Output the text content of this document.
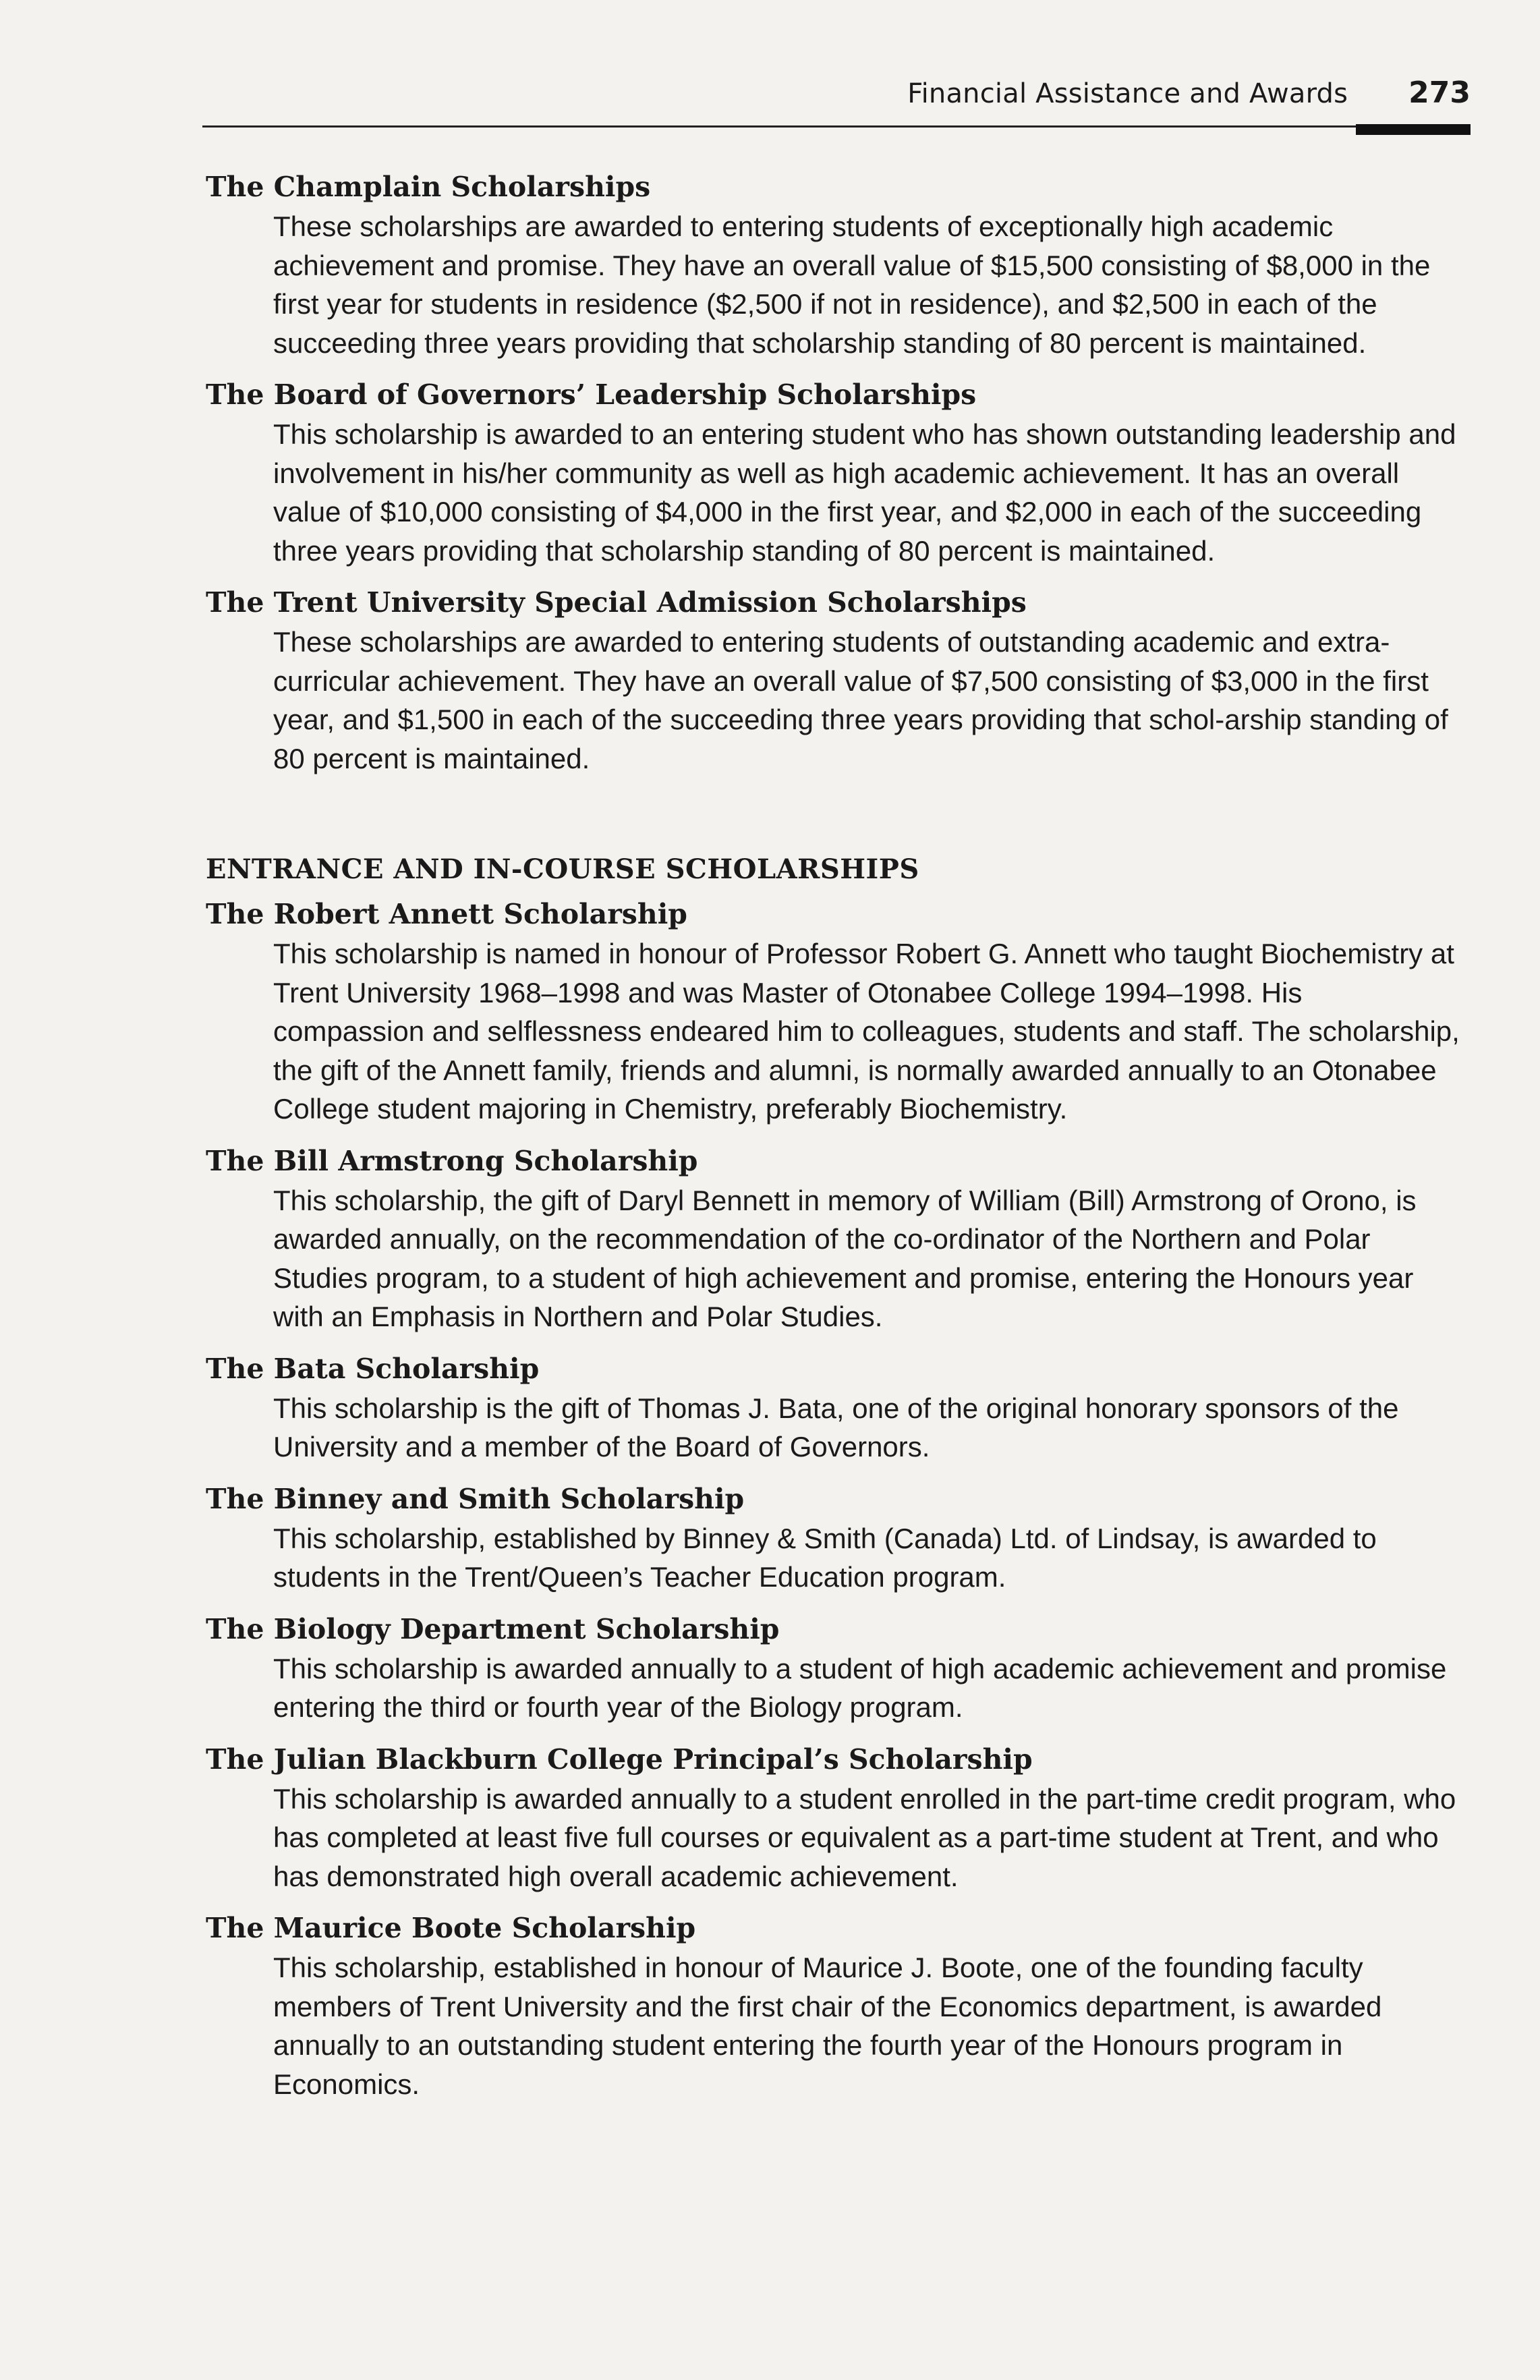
Financial Assistance and Awards 273
The Champlain Scholarships
These scholarships are awarded to entering students of exceptionally high academic achievement and promise. They have an overall value of $15,500 consisting of $8,000 in the first year for students in residence ($2,500 if not in residence), and $2,500 in each of the succeeding three years providing that scholarship standing of 80 percent is maintained.
The Board of Governors’ Leadership Scholarships
This scholarship is awarded to an entering student who has shown outstanding leadership and involvement in his/her community as well as high academic achievement. It has an overall value of $10,000 consisting of $4,000 in the first year, and $2,000 in each of the succeeding three years providing that scholarship standing of 80 percent is maintained.
The Trent University Special Admission Scholarships
These scholarships are awarded to entering students of outstanding academic and extra-curricular achievement. They have an overall value of $7,500 consisting of $3,000 in the first year, and $1,500 in each of the succeeding three years providing that schol-arship standing of 80 percent is maintained.
ENTRANCE AND IN-COURSE SCHOLARSHIPS
The Robert Annett Scholarship
This scholarship is named in honour of Professor Robert G. Annett who taught Biochemistry at Trent University 1968–1998 and was Master of Otonabee College 1994–1998. His compassion and selflessness endeared him to colleagues, students and staff. The scholarship, the gift of the Annett family, friends and alumni, is normally awarded annually to an Otonabee College student majoring in Chemistry, preferably Biochemistry.
The Bill Armstrong Scholarship
This scholarship, the gift of Daryl Bennett in memory of William (Bill) Armstrong of Orono, is awarded annually, on the recommendation of the co-ordinator of the Northern and Polar Studies program, to a student of high achievement and promise, entering the Honours year with an Emphasis in Northern and Polar Studies.
The Bata Scholarship
This scholarship is the gift of Thomas J. Bata, one of the original honorary sponsors of the University and a member of the Board of Governors.
The Binney and Smith Scholarship
This scholarship, established by Binney & Smith (Canada) Ltd. of Lindsay, is awarded to students in the Trent/Queen’s Teacher Education program.
The Biology Department Scholarship
This scholarship is awarded annually to a student of high academic achievement and promise entering the third or fourth year of the Biology program.
The Julian Blackburn College Principal’s Scholarship
This scholarship is awarded annually to a student enrolled in the part-time credit program, who has completed at least five full courses or equivalent as a part-time student at Trent, and who has demonstrated high overall academic achievement.
The Maurice Boote Scholarship
This scholarship, established in honour of Maurice J. Boote, one of the founding faculty members of Trent University and the first chair of the Economics department, is awarded annually to an outstanding student entering the fourth year of the Honours program in Economics.
